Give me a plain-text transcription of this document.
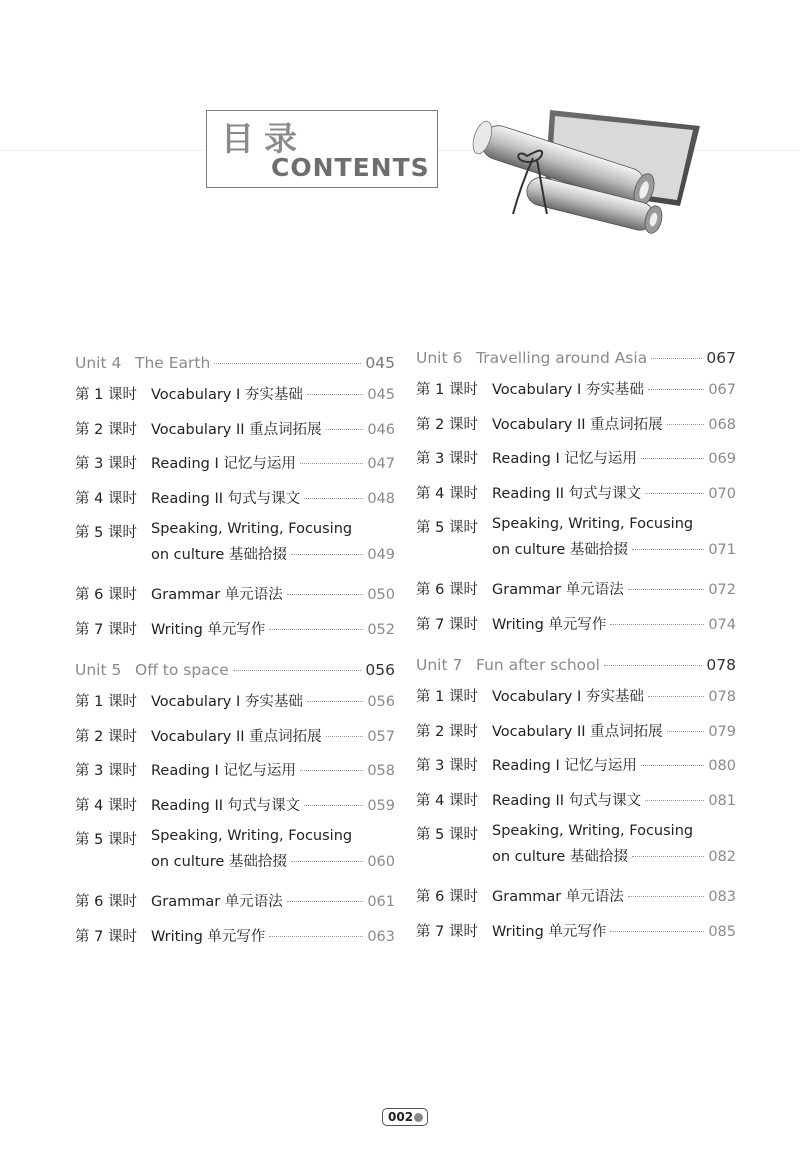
目录
CONTENTS
Unit 4 The Earth	045
第 1 课时 Vocabulary I 夯实基础	045
第 2 课时 Vocabulary II 重点词拓展	046
第 3 课时 Reading I 记忆与运用	047
第 4 课时 Reading II 句式与课文	048
第 5 课时 Speaking, Writing, Focusing
on culture 基础拾掇	049
第 6 课时 Grammar 单元语法	050
第 7 课时 Writing 单元写作	052
Unit 5 Off to space	056
第 1 课时 Vocabulary I 夯实基础	056
第 2 课时 Vocabulary II 重点词拓展	057
第 3 课时 Reading I 记忆与运用	058
第 4 课时 Reading II 句式与课文	059
第 5 课时 Speaking, Writing, Focusing
on culture 基础拾掇	060
第 6 课时 Grammar 单元语法	061
第 7 课时 Writing 单元写作	063
Unit 6 Travelling around Asia	067
第 1 课时 Vocabulary I 夯实基础	067
第 2 课时 Vocabulary II 重点词拓展	068
第 3 课时 Reading I 记忆与运用	069
第 4 课时 Reading II 句式与课文	070
第 5 课时 Speaking, Writing, Focusing
on culture 基础拾掇	071
第 6 课时 Grammar 单元语法	072
第 7 课时 Writing 单元写作	074
Unit 7 Fun after school	078
第 1 课时 Vocabulary I 夯实基础	078
第 2 课时 Vocabulary II 重点词拓展	079
第 3 课时 Reading I 记忆与运用	080
第 4 课时 Reading II 句式与课文	081
第 5 课时 Speaking, Writing, Focusing
on culture 基础拾掇	082
第 6 课时 Grammar 单元语法	083
第 7 课时 Writing 单元写作	085
002
